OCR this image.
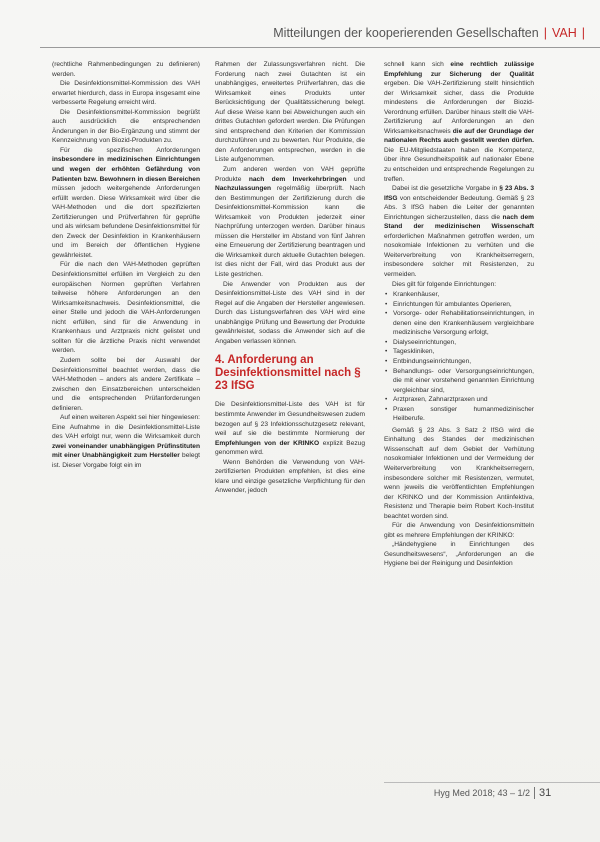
Mitteilungen der kooperierenden Gesellschaften | VAH |

(rechtliche Rahmenbedingungen zu definieren) werden.

Die Desinfektionsmittel-Kommission des VAH erwartet hierdurch, dass in Europa insgesamt eine verbesserte Regelung erreicht wird.

Die Desinfektionsmittel-Kommission begrüßt auch ausdrücklich die entsprechenden Änderungen in der Bio-Ergänzung und stimmt der Kennzeichnung von Biozid-Produkten zu.

Für die spezifischen Anforderungen insbesondere in medizinischen Einrichtungen und wegen der erhöhten Gefährdung von Patienten bzw. Bewohnern in diesen Bereichen müssen jedoch weitergehende Anforderungen erfüllt werden. Diese Wirksamkeit wird über die VAH-Methoden und die dort spezifizierten Zertifizierungen und Prüfverfahren für geprüfte und als wirksam befundene Desinfektionsmittel für den Zweck der Desinfektion in Krankenhäusern und im Bereich der öffentlichen Hygiene gewährleistet.

Für die nach den VAH-Methoden geprüften Desinfektionsmittel erfüllen im Vergleich zu den europäischen Normen geprüften Verfahren teilweise höhere Anforderungen an den Wirksamkeitsnachweis. Desinfektionsmittel, die einer Stelle und jedoch die VAH-Anforderungen nicht erfüllen, sind für die Anwendung in Krankenhaus und Arztpraxis nicht gelistet und sollten für die ärztliche Praxis nicht verwendet werden.

Zudem sollte bei der Auswahl der Desinfektionsmittel beachtet werden, dass die VAH-Methoden – anders als andere Zertifikate – zwischen den Einsatzbereichen unterscheiden und die entsprechenden Prüfanforderungen definieren.

Auf einen weiteren Aspekt sei hier hingewiesen: Eine Aufnahme in die Desinfektionsmittel-Liste des VAH erfolgt nur, wenn die Wirksamkeit durch zwei voneinander unabhängigen Prüfinstituten mit einer Unabhängigkeit zum Hersteller belegt ist. Dieser Vorgabe folgt ein im

Rahmen der Zulassungsverfahren nicht. Die Forderung nach zwei Gutachten ist ein unabhängiges, erweitertes Prüfverfahren, das die Wirksamkeit eines Produkts unter Berücksichtigung der Qualitätssicherung belegt. Auf diese Weise kann bei Abweichungen auch ein drittes Gutachten gefordert werden. Die Prüfungen sind entsprechend den Kriterien der Kommission durchzuführen und zu bewerten. Nur Produkte, die den Anforderungen entsprechen, werden in die Liste aufgenommen.

Zum anderen werden von VAH geprüfte Produkte nach dem Inverkehrbringen und Nachzulassungen regelmäßig überprüft. Nach den Bestimmungen der Zertifizierung durch die Desinfektionsmittel-Kommission kann die Wirksamkeit von Produkten jederzeit einer Nachprüfung unterzogen werden. Darüber hinaus müssen die Hersteller im Abstand von fünf Jahren eine Erneuerung der Zertifizierung beantragen und die Wirksamkeit durch aktuelle Gutachten belegen. Ist dies nicht der Fall, wird das Produkt aus der Liste gestrichen.

Die Anwender von Produkten aus der Desinfektionsmittel-Liste des VAH sind in der Regel auf die Angaben der Hersteller angewiesen. Durch das Listungsverfahren des VAH wird eine unabhängige Prüfung und Bewertung der Produkte gewährleistet, sodass die Anwender sich auf die Angaben verlassen können.

4. Anforderung an Desinfektionsmittel nach § 23 IfSG

Die Desinfektionsmittel-Liste des VAH ist für bestimmte Anwender im Gesundheitswesen zudem bezogen auf § 23 Infektionsschutzgesetz relevant, weil auf sie die bestimmte Normierung der Empfehlungen von der KRINKO explizit Bezug genommen wird.

Wenn Behörden die Verwendung von VAH-zertifizierten Produkten empfehlen, ist dies eine klare und einzige gesetzliche Verpflichtung für den Anwender, jedoch

schnell kann sich eine rechtlich zulässige Empfehlung zur Sicherung der Qualität ergeben. Die VAH-Zertifizierung stellt hinsichtlich der Wirksamkeit sicher, dass die Produkte mindestens die Anforderungen der Biozid-Verordnung erfüllen. Darüber hinaus stellt die VAH-Zertifizierung auf Anforderungen an den Wirksamkeitsnachweis die auf der Grundlage der nationalen Rechts auch gestellt werden dürfen. Die EU-Mitgliedstaaten haben die Kompetenz, über ihre Gesundheitspolitik auf nationaler Ebene zu entscheiden und entsprechende Regelungen zu treffen.

Dabei ist die gesetzliche Vorgabe in § 23 Abs. 3 IfSG von entscheidender Bedeutung. Gemäß § 23 Abs. 3 IfSG haben die Leiter der genannten Einrichtungen sicherzustellen, dass die nach dem Stand der medizinischen Wissenschaft erforderlichen Maßnahmen getroffen werden, um nosokomiale Infektionen zu verhüten und die Weiterverbreitung von Krankheitserregern, insbesondere solcher mit Resistenzen, zu vermeiden.

Dies gilt für folgende Einrichtungen:

• Krankenhäuser,
• Einrichtungen für ambulantes Operieren,
• Vorsorge- oder Rehabilitationseinrichtungen, in denen eine den Krankenhäusern vergleichbare medizinische Versorgung erfolgt,
• Dialyseeinrichtungen,
• Tageskliniken,
• Entbindungseinrichtungen,
• Behandlungs- oder Versorgungseinrichtungen, die mit einer vorstehend genannten Einrichtung vergleichbar sind,
• Arztpraxen, Zahnarztpraxen und
• Praxen sonstiger humanmedizinischer Heilberufe.

Gemäß § 23 Abs. 3 Satz 2 IfSG wird die Einhaltung des Standes der medizinischen Wissenschaft auf dem Gebiet der Verhütung nosokomialer Infektionen und der Vermeidung der Weiterverbreitung von Krankheitserregern, insbesondere solcher mit Resistenzen, vermutet, wenn jeweils die veröffentlichten Empfehlungen der KRINKO und der Kommission Antiinfektiva, Resistenz und Therapie beim Robert Koch-Institut beachtet worden sind.

Für die Anwendung von Desinfektionsmitteln gibt es mehrere Empfehlungen der KRINKO:

„Händehygiene in Einrichtungen des Gesundheitswesens“, „Anforderungen an die Hygiene bei der Reinigung und Desinfektion

Hyg Med 2018; 43 – 1/2 31
